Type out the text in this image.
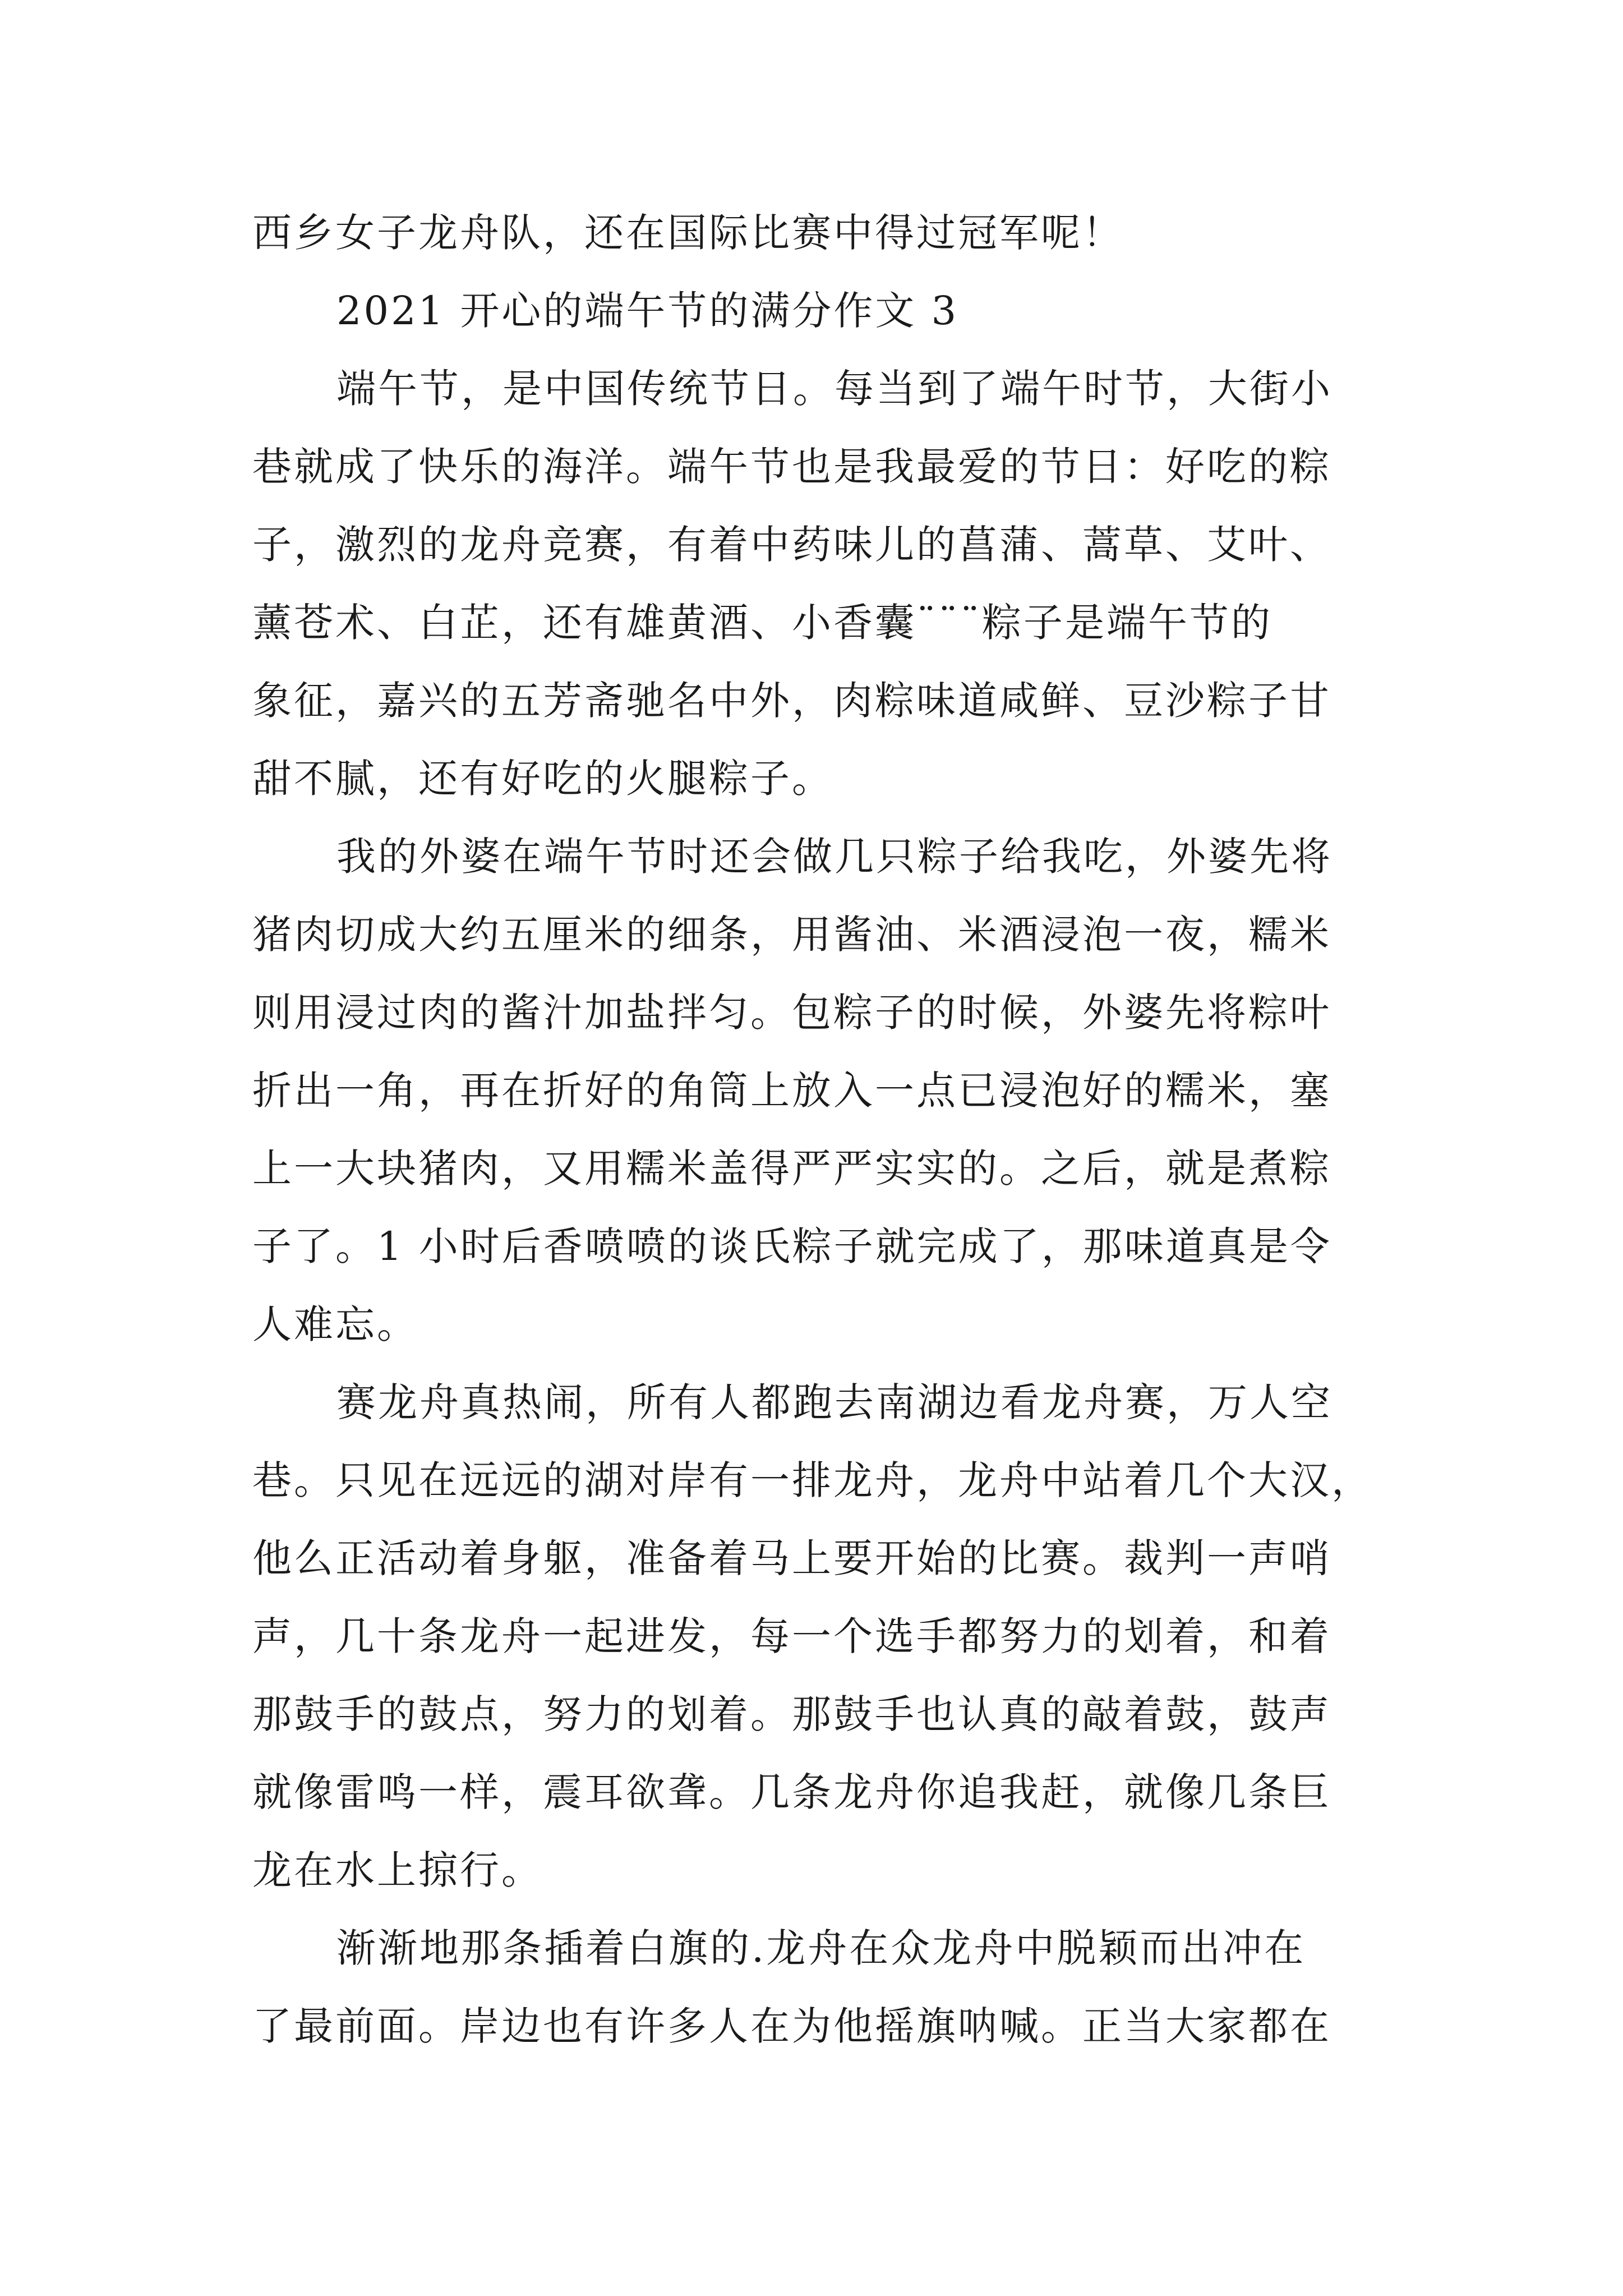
西乡女子龙舟队，还在国际比赛中得过冠军呢！
2021 开心的端午节的满分作文 3
端午节，是中国传统节日。每当到了端午时节，大街小
巷就成了快乐的海洋。端午节也是我最爱的节日：好吃的粽
子，激烈的龙舟竞赛，有着中药味儿的菖蒲、蒿草、艾叶、
薰苍术、白芷，还有雄黄酒、小香囊¨¨¨粽子是端午节的
象征，嘉兴的五芳斋驰名中外，肉粽味道咸鲜、豆沙粽子甘
甜不腻，还有好吃的火腿粽子。
我的外婆在端午节时还会做几只粽子给我吃，外婆先将
猪肉切成大约五厘米的细条，用酱油、米酒浸泡一夜，糯米
则用浸过肉的酱汁加盐拌匀。包粽子的时候，外婆先将粽叶
折出一角，再在折好的角筒上放入一点已浸泡好的糯米，塞
上一大块猪肉，又用糯米盖得严严实实的。之后，就是煮粽
子了。1 小时后香喷喷的谈氏粽子就完成了，那味道真是令
人难忘。
赛龙舟真热闹，所有人都跑去南湖边看龙舟赛，万人空
巷。只见在远远的湖对岸有一排龙舟，龙舟中站着几个大汉，
他么正活动着身躯，准备着马上要开始的比赛。裁判一声哨
声，几十条龙舟一起进发，每一个选手都努力的划着，和着
那鼓手的鼓点，努力的划着。那鼓手也认真的敲着鼓，鼓声
就像雷鸣一样，震耳欲聋。几条龙舟你追我赶，就像几条巨
龙在水上掠行。
渐渐地那条插着白旗的.龙舟在众龙舟中脱颖而出冲在
了最前面。岸边也有许多人在为他摇旗呐喊。正当大家都在
